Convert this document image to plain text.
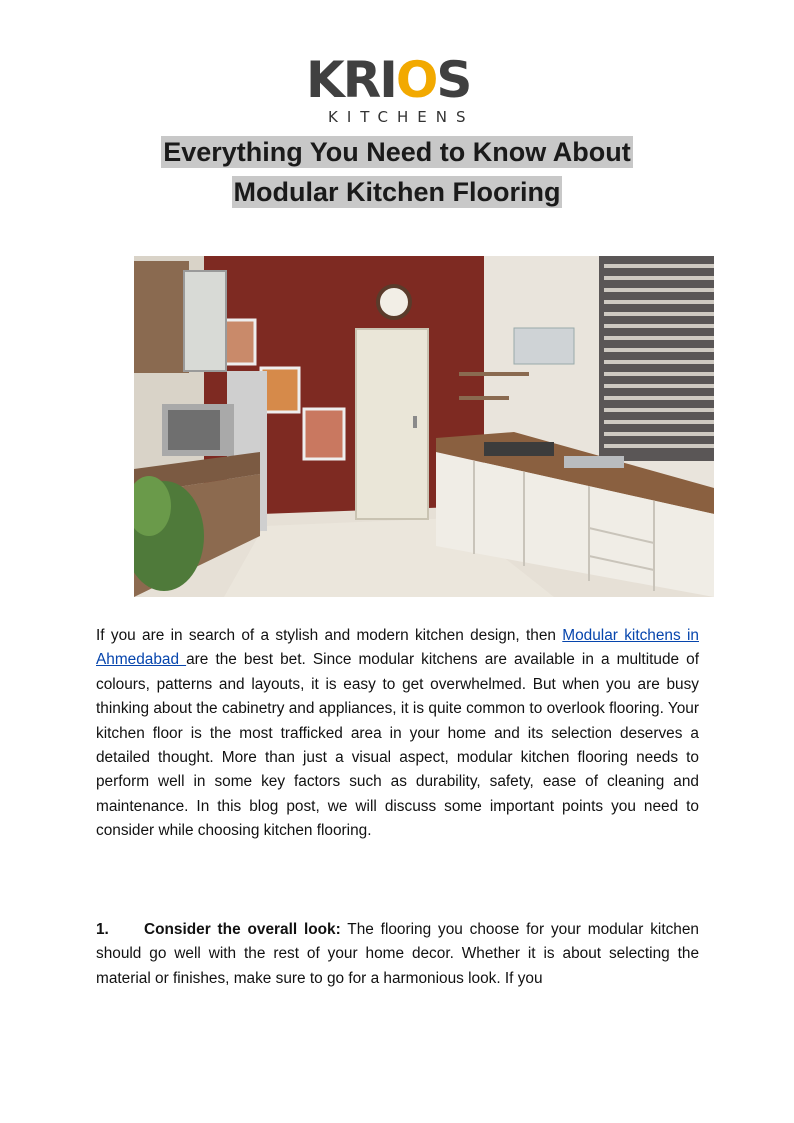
KRIOS
KITCHENS
Everything You Need to Know About
Modular Kitchen Flooring
If you are in search of a stylish and modern kitchen design, then Modular kitchens in Ahmedabad are the best bet. Since modular kitchens are available in a multitude of colours, patterns and layouts, it is easy to get overwhelmed. But when you are busy thinking about the cabinetry and appliances, it is quite common to overlook flooring. Your kitchen floor is the most trafficked area in your home and its selection deserves a detailed thought. More than just a visual aspect, modular kitchen flooring needs to perform well in some key factors such as durability, safety, ease of cleaning and maintenance. In this blog post, we will discuss some important points you need to consider while choosing kitchen flooring.
1. Consider the overall look: The flooring you choose for your modular kitchen should go well with the rest of your home decor. Whether it is about selecting the material or finishes, make sure to go for a harmonious look. If you
